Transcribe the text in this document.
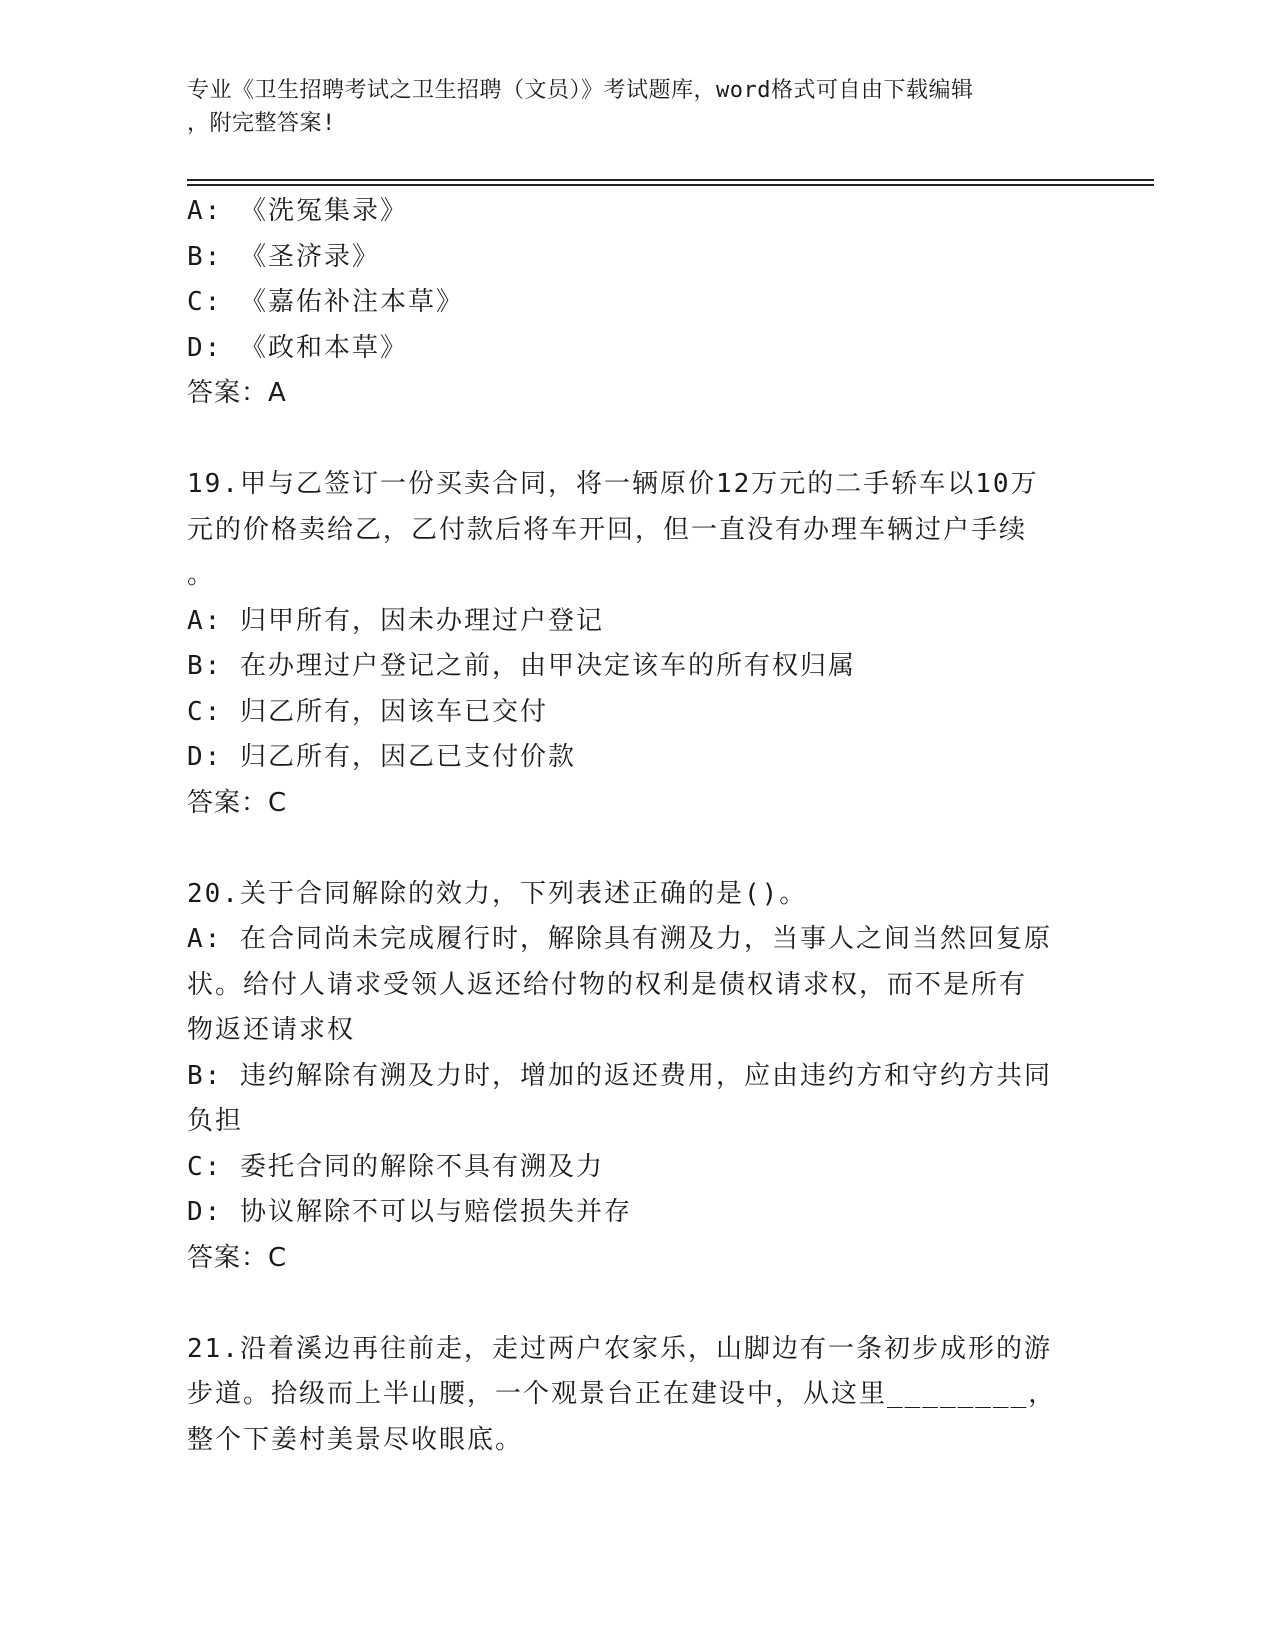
专业《卫生招聘考试之卫生招聘（文员）》考试题库，word格式可自由下载编辑
，附完整答案!
A: 《洗冤集录》
B: 《圣济录》
C: 《嘉佑补注本草》
D: 《政和本草》
答案：A
19.甲与乙签订一份买卖合同，将一辆原价12万元的二手轿车以10万
元的价格卖给乙，乙付款后将车开回，但一直没有办理车辆过户手续
。
A: 归甲所有，因未办理过户登记
B: 在办理过户登记之前，由甲决定该车的所有权归属
C: 归乙所有，因该车已交付
D: 归乙所有，因乙已支付价款
答案：C
20.关于合同解除的效力，下列表述正确的是()。
A: 在合同尚未完成履行时，解除具有溯及力，当事人之间当然回复原
状。给付人请求受领人返还给付物的权利是债权请求权，而不是所有
物返还请求权
B: 违约解除有溯及力时，增加的返还费用，应由违约方和守约方共同
负担
C: 委托合同的解除不具有溯及力
D: 协议解除不可以与赔偿损失并存
答案：C
21.沿着溪边再往前走，走过两户农家乐，山脚边有一条初步成形的游
步道。拾级而上半山腰，一个观景台正在建设中，从这里________，
整个下姜村美景尽收眼底。
